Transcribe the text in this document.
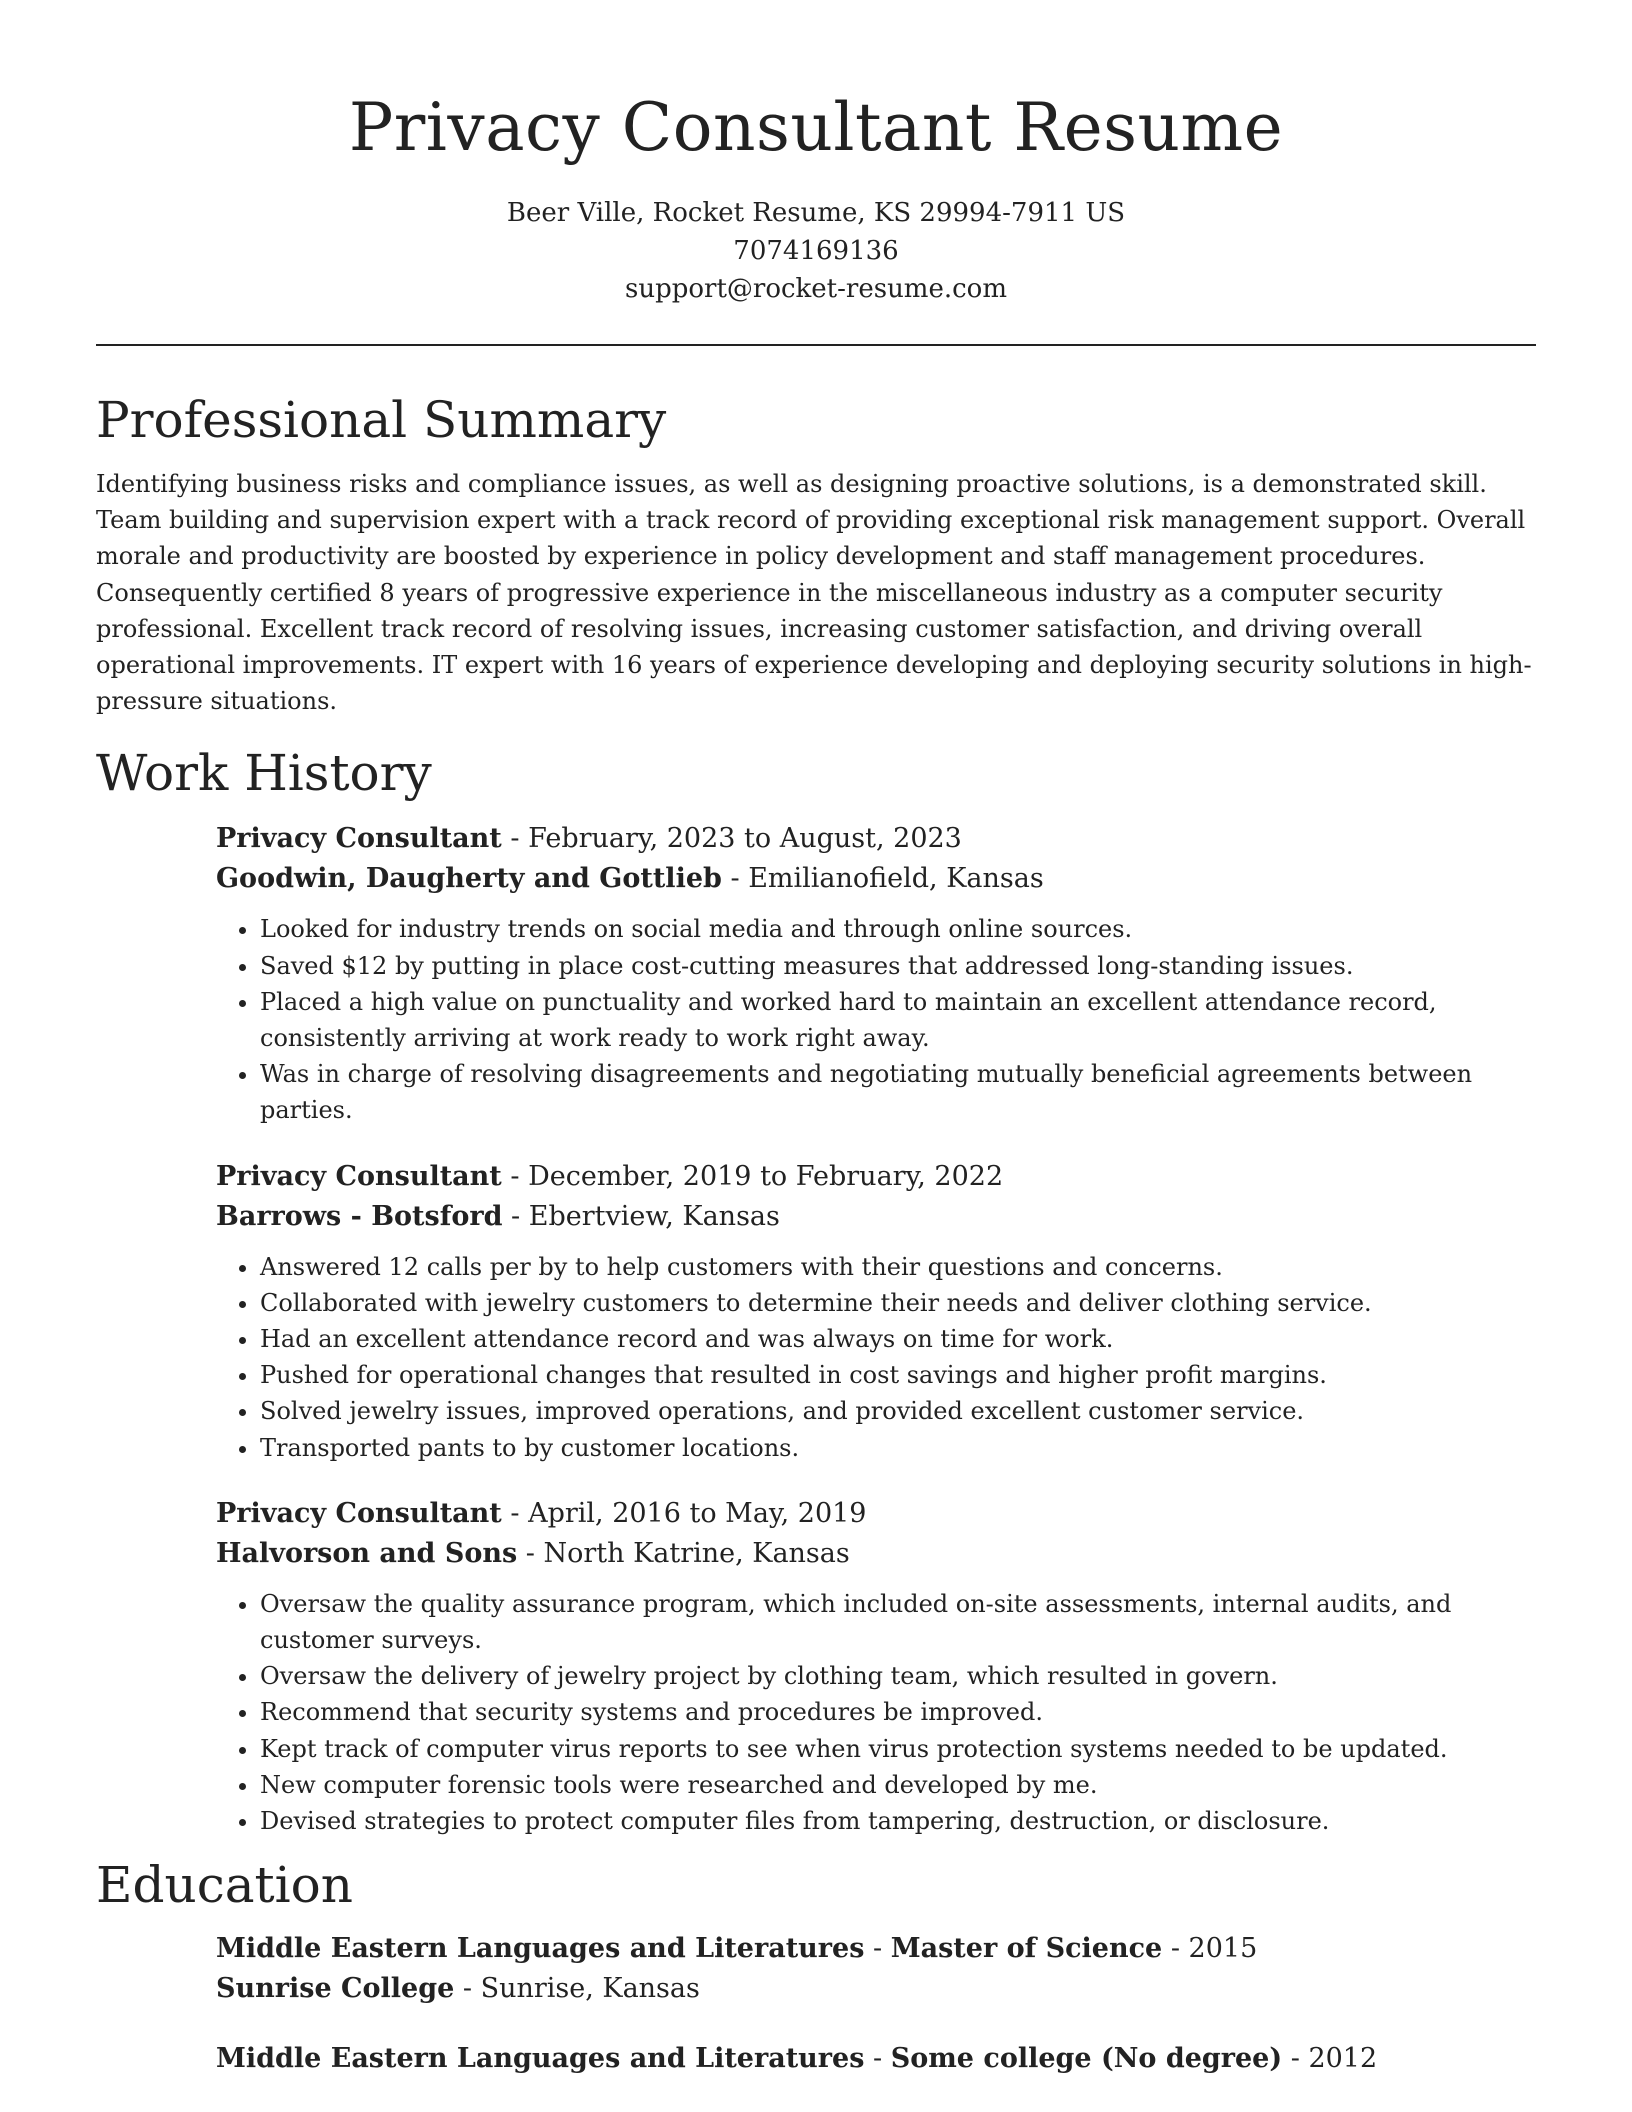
Privacy Consultant Resume
Beer Ville, Rocket Resume, KS 29994-7911 US
7074169136
support@rocket-resume.com
Professional Summary

Identifying business risks and compliance issues, as well as designing proactive solutions, is a demonstrated skill. Team building and supervision expert with a track record of providing exceptional risk management support. Overall morale and productivity are boosted by experience in policy development and staff management procedures. Consequently certified 8 years of progressive experience in the miscellaneous industry as a computer security professional. Excellent track record of resolving issues, increasing customer satisfaction, and driving overall operational improvements. IT expert with 16 years of experience developing and deploying security solutions in high-pressure situations.

Work History
Privacy Consultant - February, 2023 to August, 2023
Goodwin, Daugherty and Gottlieb - Emilianofield, Kansas
• Looked for industry trends on social media and through online sources.
• Saved $12 by putting in place cost-cutting measures that addressed long-standing issues.
• Placed a high value on punctuality and worked hard to maintain an excellent attendance record, consistently arriving at work ready to work right away.
• Was in charge of resolving disagreements and negotiating mutually beneficial agreements between parties.
Privacy Consultant - December, 2019 to February, 2022
Barrows - Botsford - Ebertview, Kansas
• Answered 12 calls per by to help customers with their questions and concerns.
• Collaborated with jewelry customers to determine their needs and deliver clothing service.
• Had an excellent attendance record and was always on time for work.
• Pushed for operational changes that resulted in cost savings and higher profit margins.
• Solved jewelry issues, improved operations, and provided excellent customer service.
• Transported pants to by customer locations.
Privacy Consultant - April, 2016 to May, 2019
Halvorson and Sons - North Katrine, Kansas
• Oversaw the quality assurance program, which included on-site assessments, internal audits, and customer surveys.
• Oversaw the delivery of jewelry project by clothing team, which resulted in govern.
• Recommend that security systems and procedures be improved.
• Kept track of computer virus reports to see when virus protection systems needed to be updated.
• New computer forensic tools were researched and developed by me.
• Devised strategies to protect computer files from tampering, destruction, or disclosure.
Education
Middle Eastern Languages and Literatures - Master of Science - 2015
Sunrise College - Sunrise, Kansas
Middle Eastern Languages and Literatures - Some college (No degree) - 2012
